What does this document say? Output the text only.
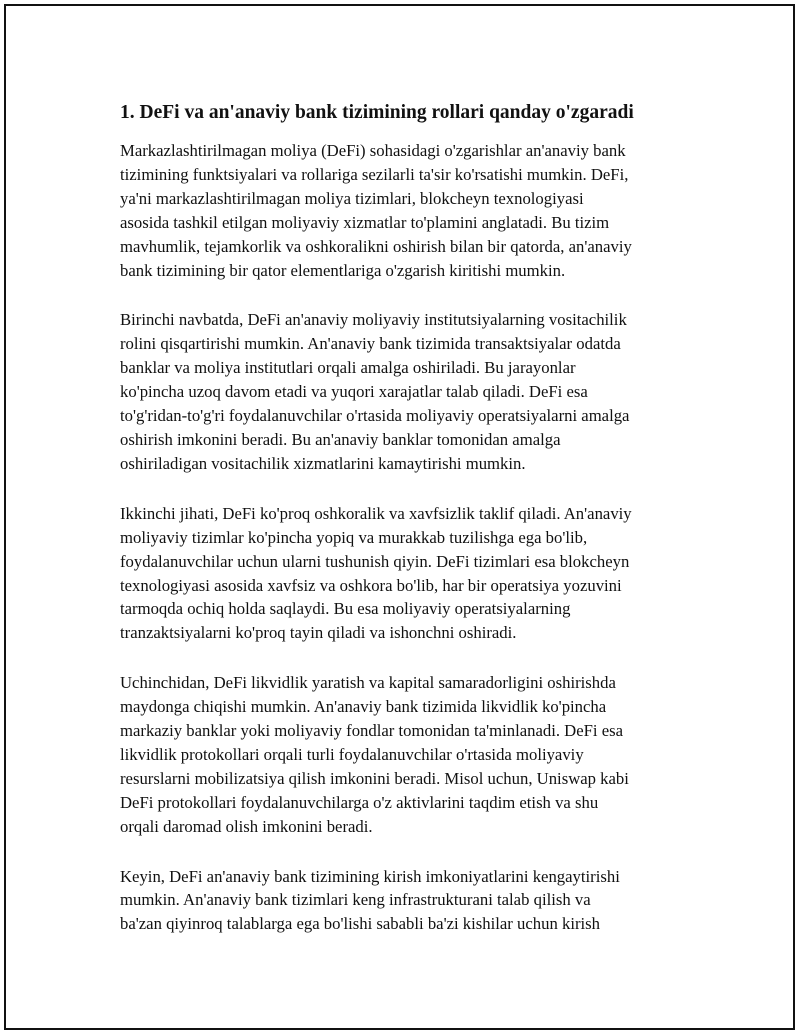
1. DeFi va an'anaviy bank tizimining rollari qanday o'zgaradi

Markazlashtirilmagan moliya (DeFi) sohasidagi o'zgarishlar an'anaviy bank
tizimining funktsiyalari va rollariga sezilarli ta'sir ko'rsatishi mumkin. DeFi,
ya'ni markazlashtirilmagan moliya tizimlari, blokcheyn texnologiyasi
asosida tashkil etilgan moliyaviy xizmatlar to'plamini anglatadi. Bu tizim
mavhumlik, tejamkorlik va oshkoralikni oshirish bilan bir qatorda, an'anaviy
bank tizimining bir qator elementlariga o'zgarish kiritishi mumkin.

Birinchi navbatda, DeFi an'anaviy moliyaviy institutsiyalarning vositachilik
rolini qisqartirishi mumkin. An'anaviy bank tizimida transaktsiyalar odatda
banklar va moliya institutlari orqali amalga oshiriladi. Bu jarayonlar
ko'pincha uzoq davom etadi va yuqori xarajatlar talab qiladi. DeFi esa
to'g'ridan-to'g'ri foydalanuvchilar o'rtasida moliyaviy operatsiyalarni amalga
oshirish imkonini beradi. Bu an'anaviy banklar tomonidan amalga
oshiriladigan vositachilik xizmatlarini kamaytirishi mumkin.

Ikkinchi jihati, DeFi ko'proq oshkoralik va xavfsizlik taklif qiladi. An'anaviy
moliyaviy tizimlar ko'pincha yopiq va murakkab tuzilishga ega bo'lib,
foydalanuvchilar uchun ularni tushunish qiyin. DeFi tizimlari esa blokcheyn
texnologiyasi asosida xavfsiz va oshkora bo'lib, har bir operatsiya yozuvini
tarmoqda ochiq holda saqlaydi. Bu esa moliyaviy operatsiyalarning
tranzaktsiyalarni ko'proq tayin qiladi va ishonchni oshiradi.

Uchinchidan, DeFi likvidlik yaratish va kapital samaradorligini oshirishda
maydonga chiqishi mumkin. An'anaviy bank tizimida likvidlik ko'pincha
markaziy banklar yoki moliyaviy fondlar tomonidan ta'minlanadi. DeFi esa
likvidlik protokollari orqali turli foydalanuvchilar o'rtasida moliyaviy
resurslarni mobilizatsiya qilish imkonini beradi. Misol uchun, Uniswap kabi
DeFi protokollari foydalanuvchilarga o'z aktivlarini taqdim etish va shu
orqali daromad olish imkonini beradi.

Keyin, DeFi an'anaviy bank tizimining kirish imkoniyatlarini kengaytirishi
mumkin. An'anaviy bank tizimlari keng infrastrukturani talab qilish va
ba'zan qiyinroq talablarga ega bo'lishi sababli ba'zi kishilar uchun kirish
